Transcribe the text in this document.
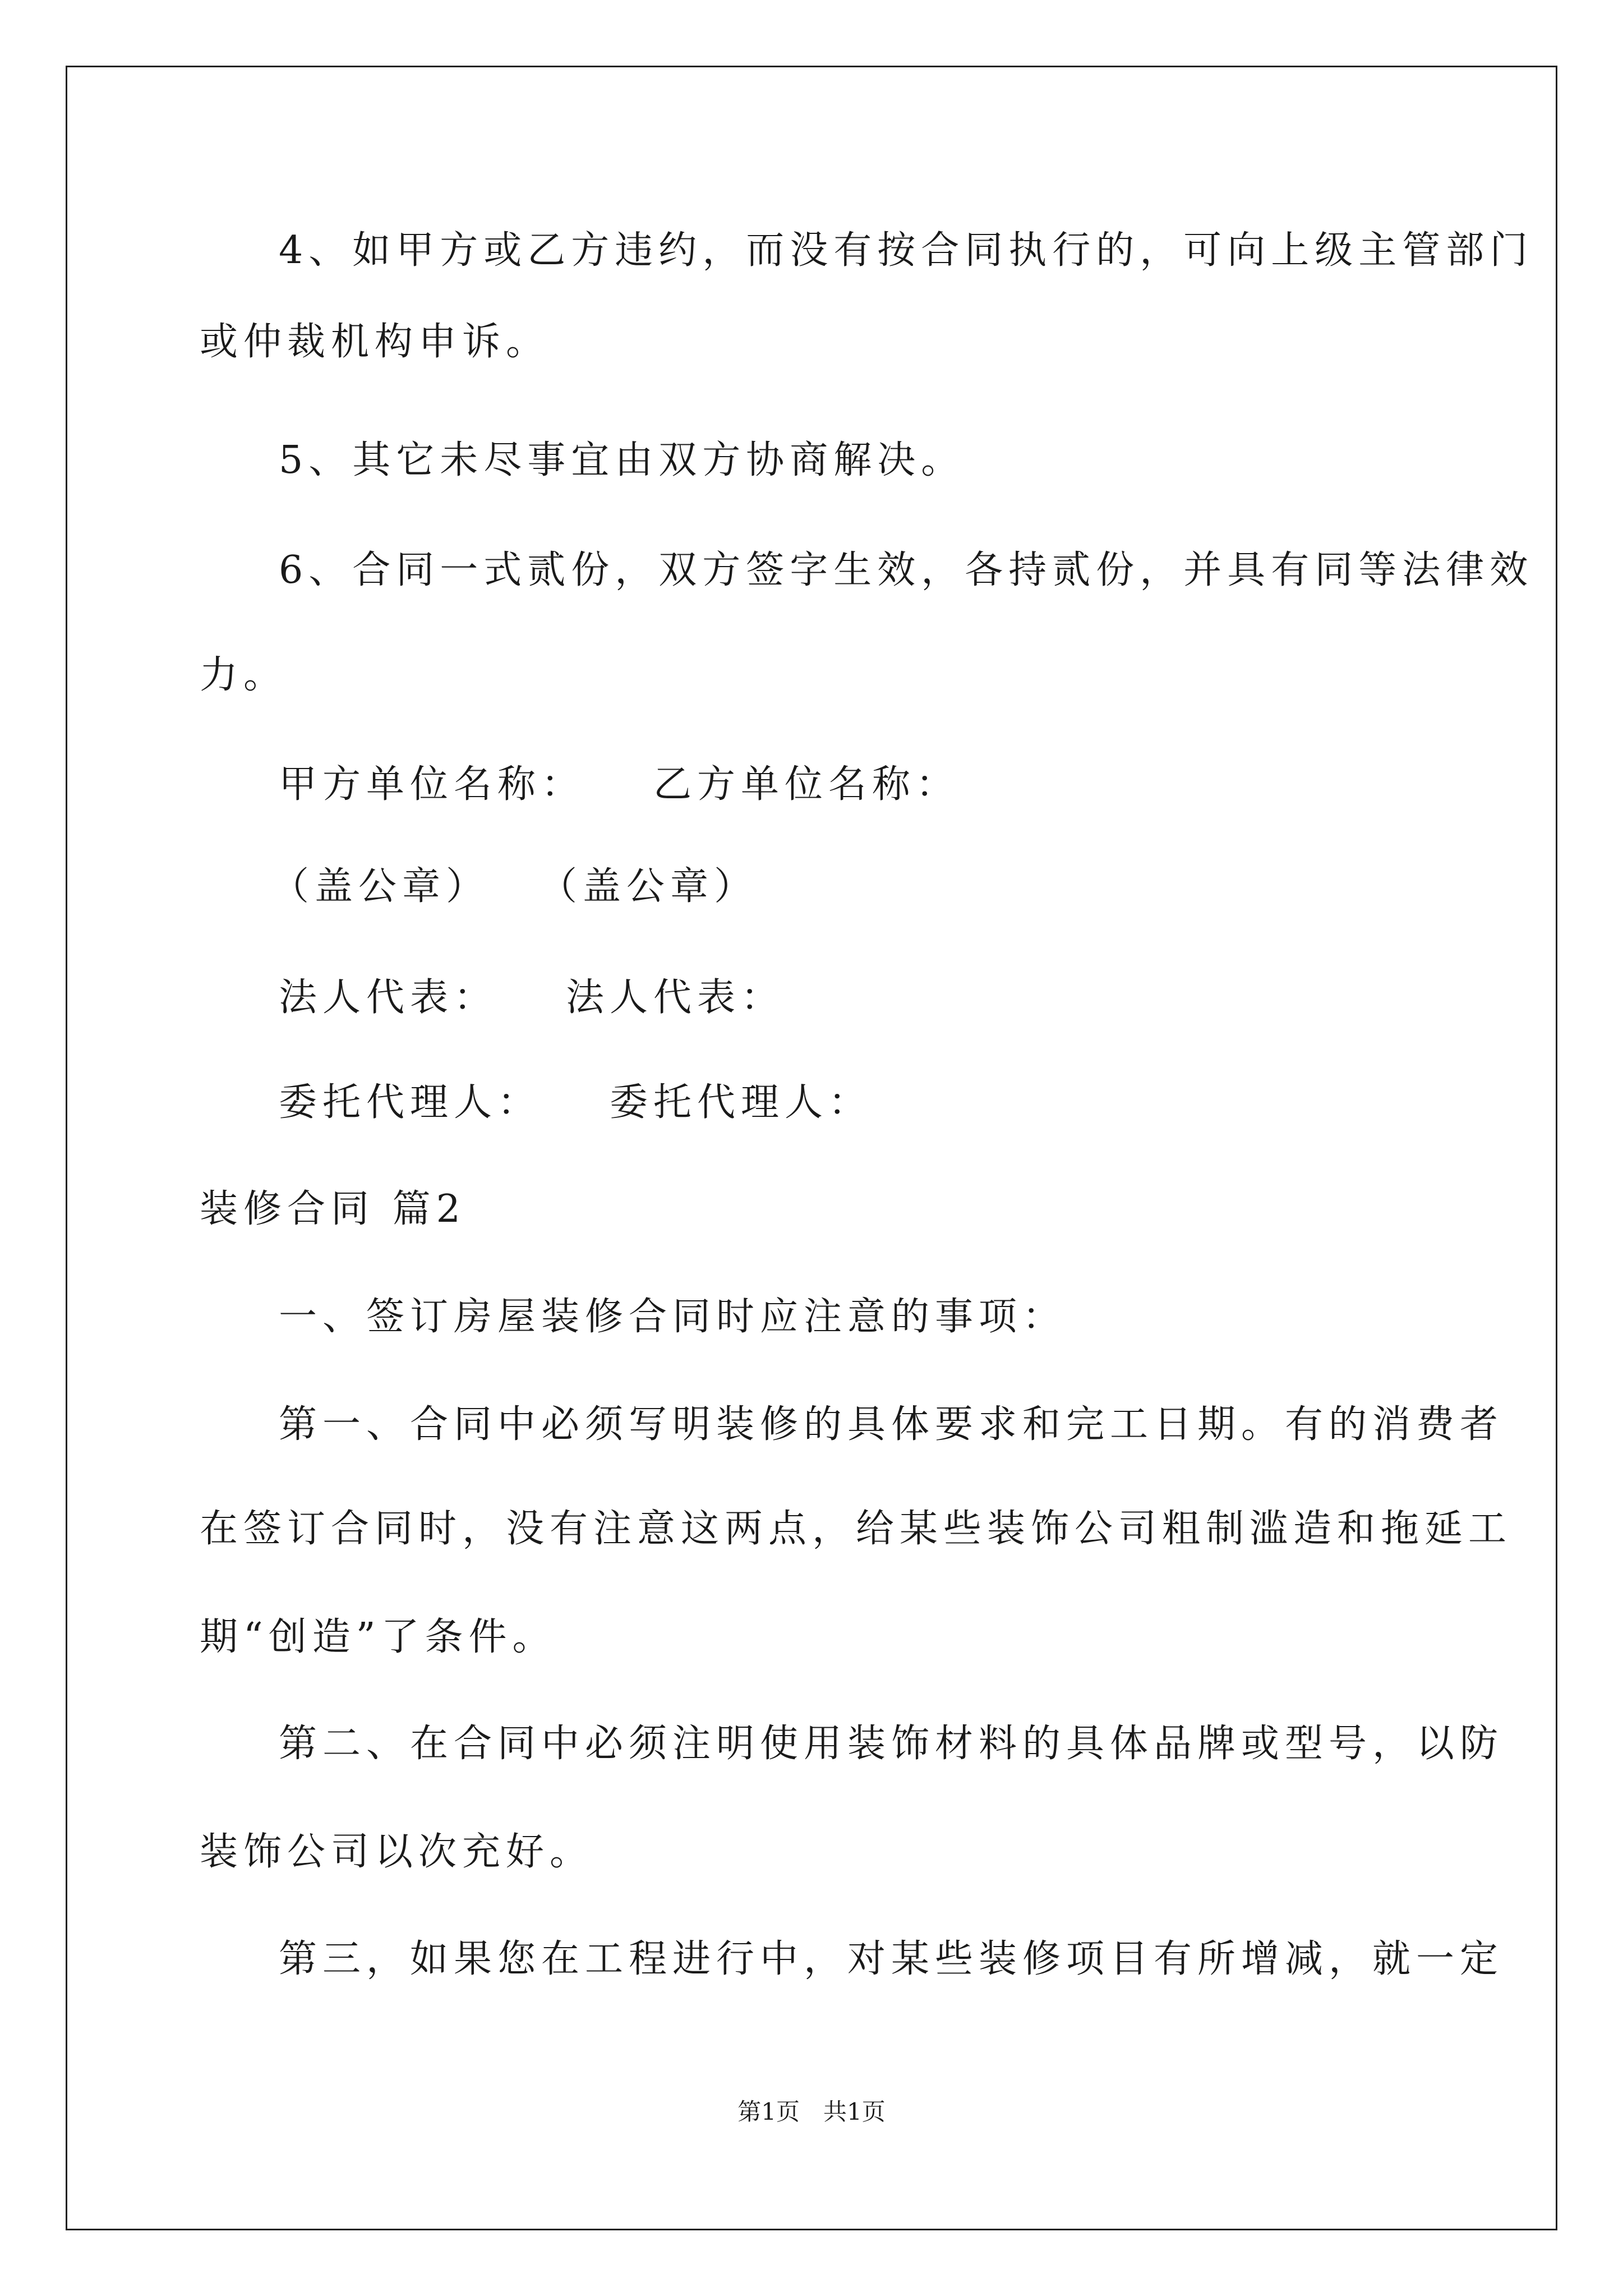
4、如甲方或乙方违约，而没有按合同执行的，可向上级主管部门
或仲裁机构申诉。
5、其它未尽事宜由双方协商解决。
6、合同一式贰份，双方签字生效，各持贰份，并具有同等法律效
力。
甲方单位名称：　　乙方单位名称：
（盖公章）　　（盖公章）
法人代表：　　法人代表：
委托代理人：　　委托代理人：
装修合同 篇2
一、签订房屋装修合同时应注意的事项：
第一、合同中必须写明装修的具体要求和完工日期。有的消费者
在签订合同时，没有注意这两点，给某些装饰公司粗制滥造和拖延工
期“创造”了条件。
第二、在合同中必须注明使用装饰材料的具体品牌或型号，以防
装饰公司以次充好。
第三，如果您在工程进行中，对某些装修项目有所增减，就一定
第1页　共1页
